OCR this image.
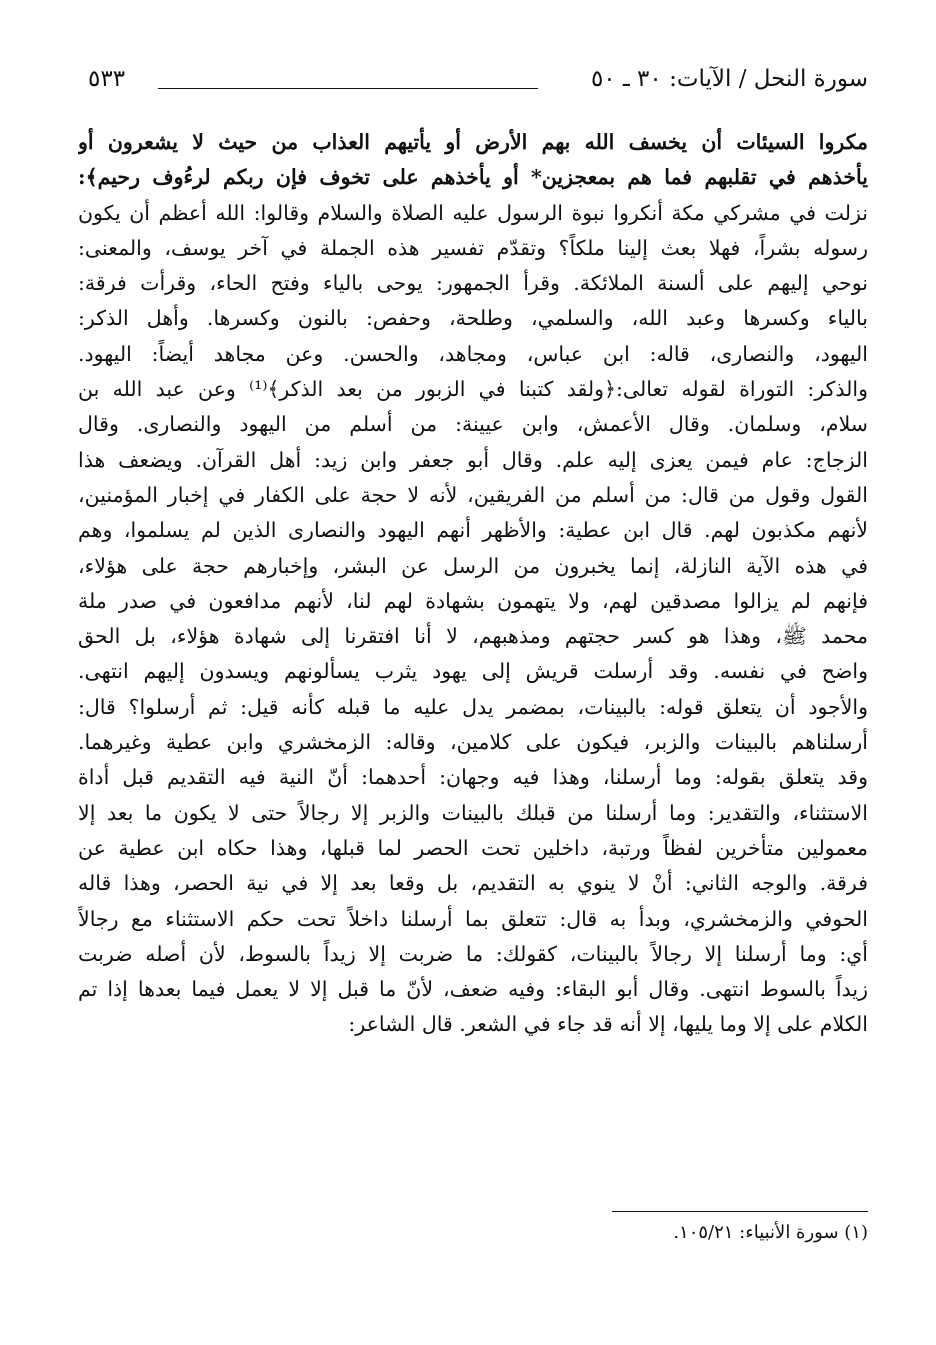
سورة النحل / الآيات: ٣٠ ـ ٥٠
٥٣٣
مكروا السيئات أن يخسف الله بهم الأرض أو يأتيهم العذاب من حيث لا يشعرون أو
يأخذهم في تقلبهم فما هم بمعجزين* أو يأخذهم على تخوف فإن ربكم لرءُوف رحيم﴾:
نزلت في مشركي مكة أنكروا نبوة الرسول عليه الصلاة والسلام وقالوا: الله أعظم أن يكون
رسوله بشراً، فهلا بعث إلينا ملكاً؟ وتقدّم تفسير هذه الجملة في آخر يوسف، والمعنى:
نوحي إليهم على ألسنة الملائكة. وقرأ الجمهور: يوحى بالياء وفتح الحاء، وقرأت فرقة:
بالياء وكسرها وعبد الله، والسلمي، وطلحة، وحفص: بالنون وكسرها. وأهل الذكر:
اليهود، والنصارى، قاله: ابن عباس، ومجاهد، والحسن. وعن مجاهد أيضاً: اليهود.
والذكر: التوراة لقوله تعالى:﴿ولقد كتبنا في الزبور من بعد الذكر﴾⁽¹⁾ وعن عبد الله بن
سلام، وسلمان. وقال الأعمش، وابن عيينة: من أسلم من اليهود والنصارى. وقال
الزجاج: عام فيمن يعزى إليه علم. وقال أبو جعفر وابن زيد: أهل القرآن. ويضعف هذا
القول وقول من قال: من أسلم من الفريقين، لأنه لا حجة على الكفار في إخبار المؤمنين،
لأنهم مكذبون لهم. قال ابن عطية: والأظهر أنهم اليهود والنصارى الذين لم يسلموا، وهم
في هذه الآية النازلة، إنما يخبرون من الرسل عن البشر، وإخبارهم حجة على هؤلاء،
فإنهم لم يزالوا مصدقين لهم، ولا يتهمون بشهادة لهم لنا، لأنهم مدافعون في صدر ملة
محمد ﷺ، وهذا هو كسر حجتهم ومذهبهم، لا أنا افتقرنا إلى شهادة هؤلاء، بل الحق
واضح في نفسه. وقد أرسلت قريش إلى يهود يثرب يسألونهم ويسدون إليهم انتهى.
والأجود أن يتعلق قوله: بالبينات، بمضمر يدل عليه ما قبله كأنه قيل: ثم أرسلوا؟ قال:
أرسلناهم بالبينات والزبر، فيكون على كلامين، وقاله: الزمخشري وابن عطية وغيرهما.
وقد يتعلق بقوله: وما أرسلنا، وهذا فيه وجهان: أحدهما: أنّ النية فيه التقديم قبل أداة
الاستثناء، والتقدير: وما أرسلنا من قبلك بالبينات والزبر إلا رجالاً حتى لا يكون ما بعد إلا
معمولين متأخرين لفظاً ورتبة، داخلين تحت الحصر لما قبلها، وهذا حكاه ابن عطية عن
فرقة. والوجه الثاني: أنْ لا ينوي به التقديم، بل وقعا بعد إلا في نية الحصر، وهذا قاله
الحوفي والزمخشري، وبدأ به قال: تتعلق بما أرسلنا داخلاً تحت حكم الاستثناء مع رجالاً
أي: وما أرسلنا إلا رجالاً بالبينات، كقولك: ما ضربت إلا زيداً بالسوط، لأن أصله ضربت
زيداً بالسوط انتهى. وقال أبو البقاء: وفيه ضعف، لأنّ ما قبل إلا لا يعمل فيما بعدها إذا تم
الكلام على إلا وما يليها، إلا أنه قد جاء في الشعر. قال الشاعر:
(١) سورة الأنبياء: ١٠٥/٢١.
